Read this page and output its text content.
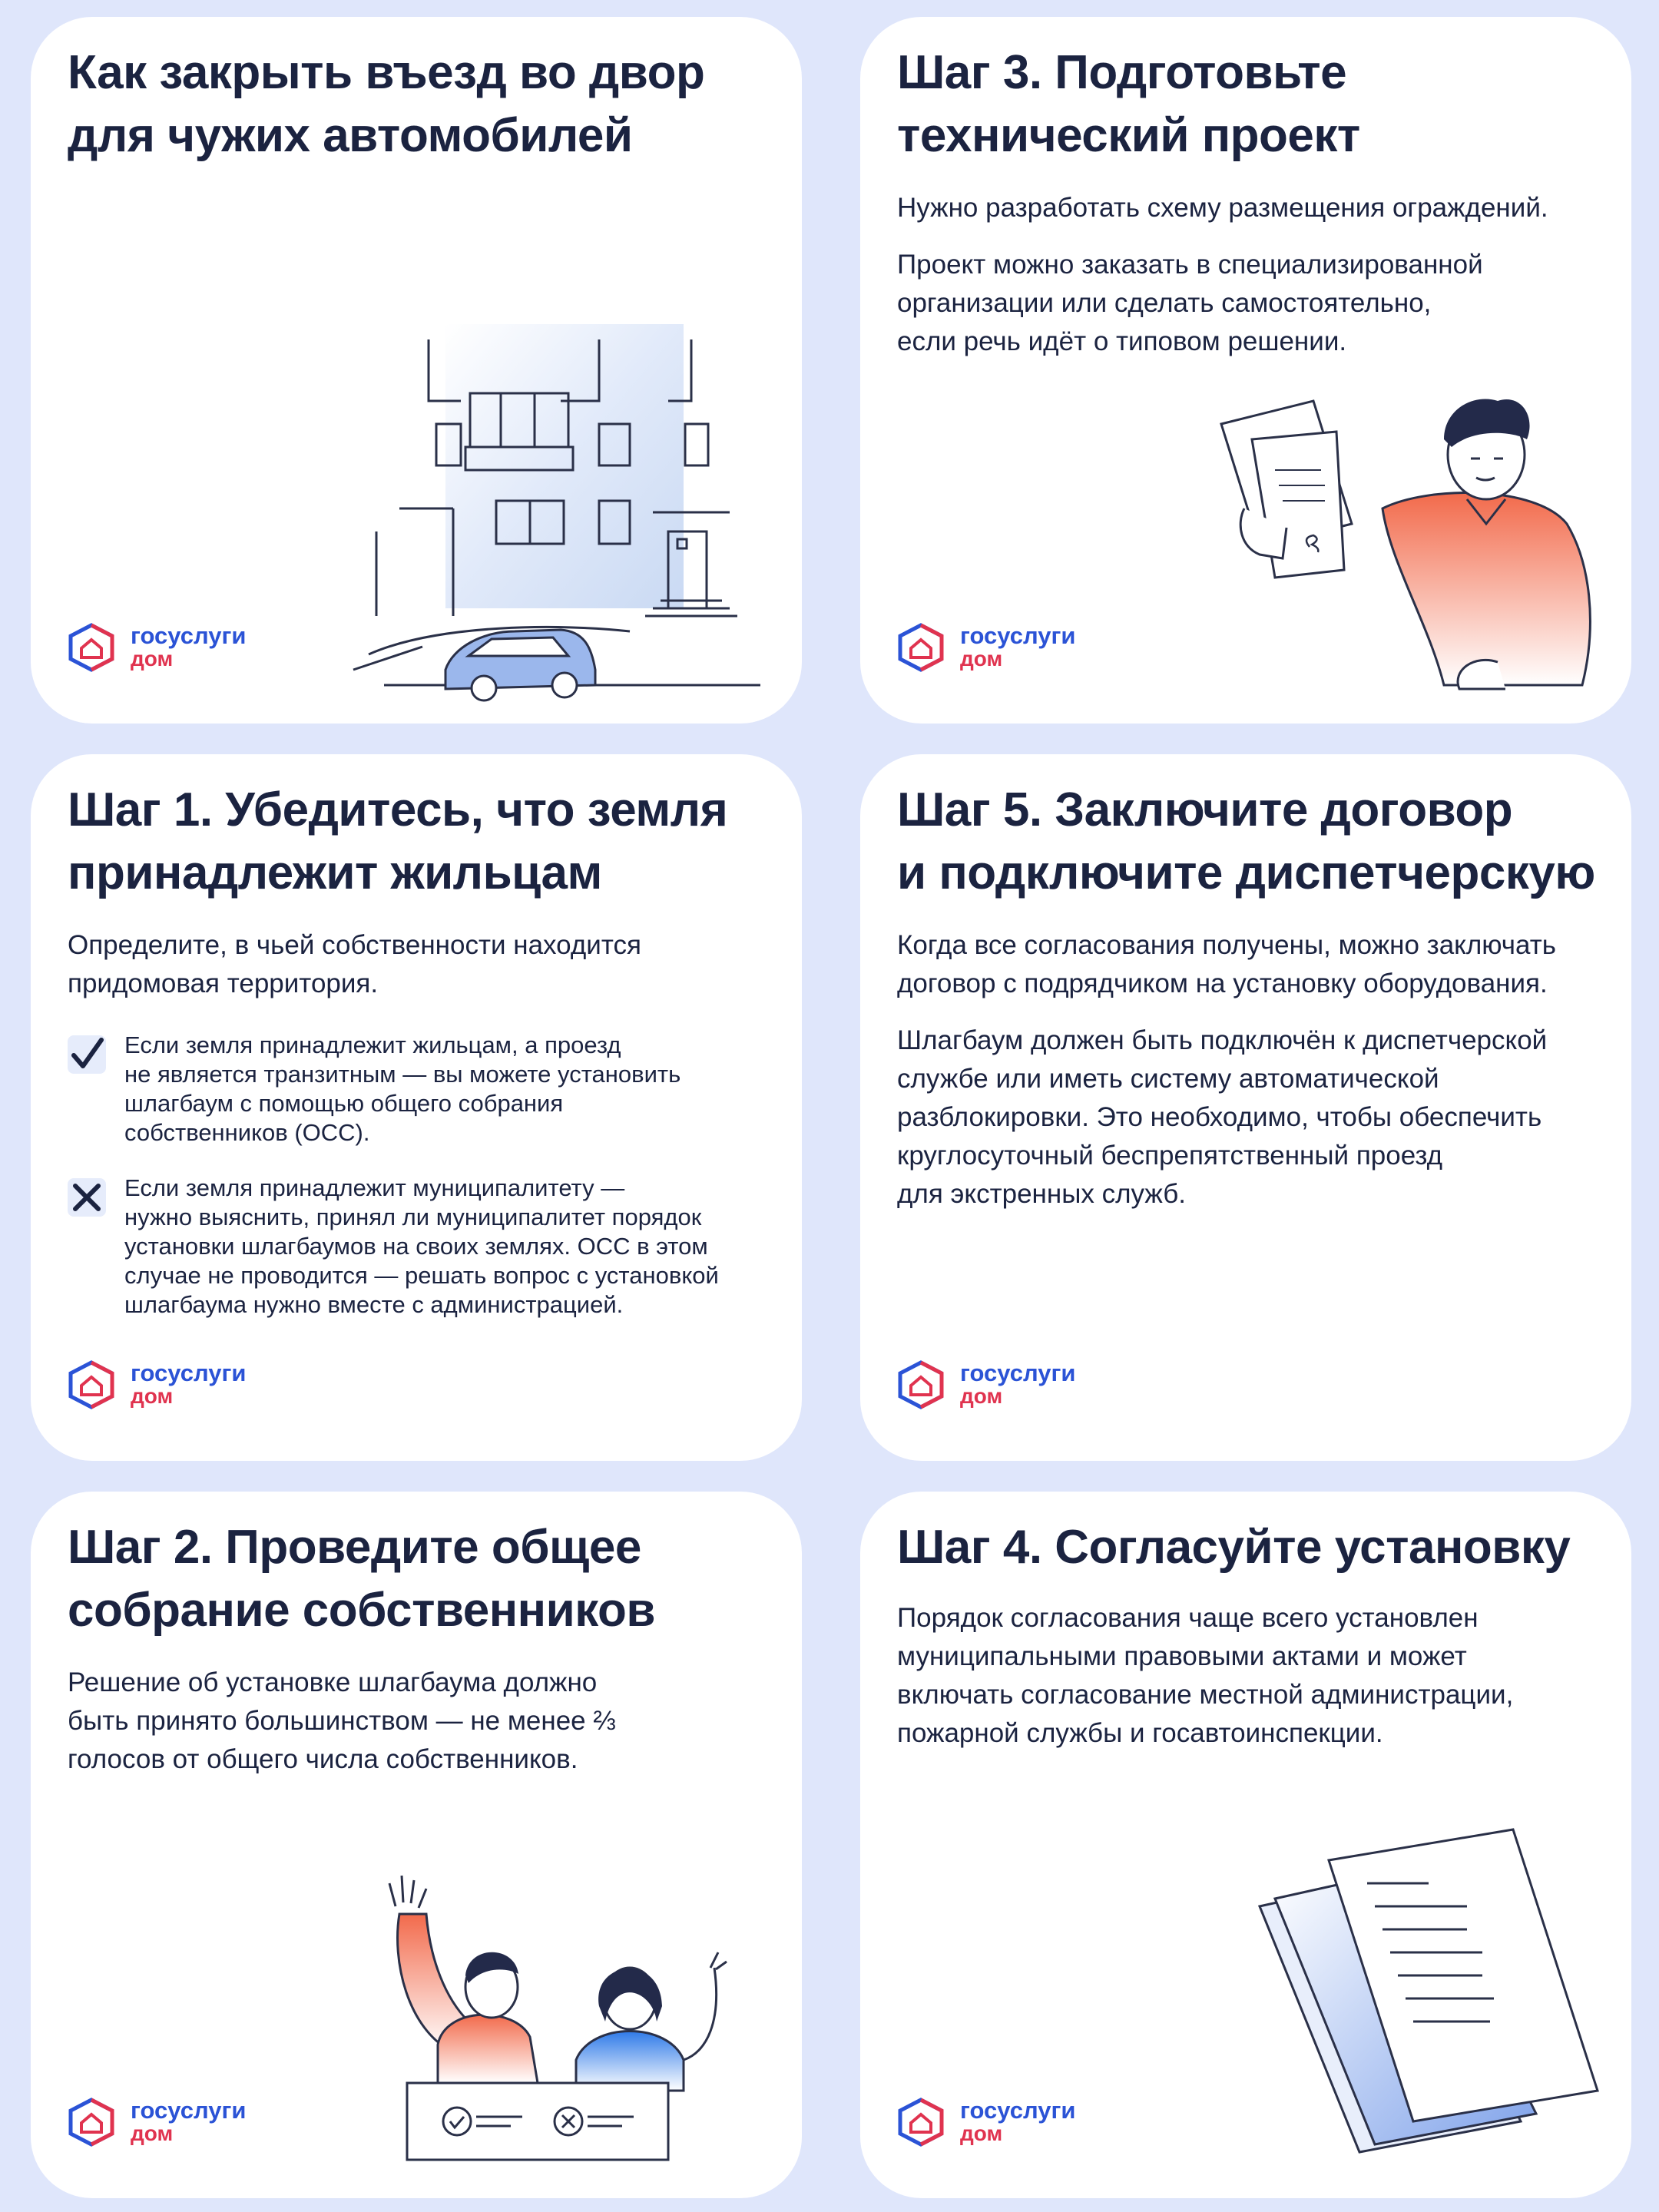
Как закрыть въезд во двор
для чужих автомобилей
госуслуги
дом
Шаг 3. Подготовьте
технический проект

Нужно разработать схему размещения ограждений.

Проект можно заказать в специализированной
организации или сделать самостоятельно,
если речь идёт о типовом решении.

госуслуги
дом
Шаг 1. Убедитесь, что земля
принадлежит жильцам

Определите, в чьей собственности находится
придомовая территория.

Если земля принадлежит жильцам, а проезд
не является транзитным — вы можете установить
шлагбаум с помощью общего собрания
собственников (ОСС).
Если земля принадлежит муниципалитету —
нужно выяснить, принял ли муниципалитет порядок
установки шлагбаумов на своих землях. ОСС в этом
случае не проводится — решать вопрос с установкой
шлагбаума нужно вместе с администрацией.
госуслуги
дом
Шаг 5. Заключите договор
и подключите диспетчерскую

Когда все согласования получены, можно заключать
договор с подрядчиком на установку оборудования.

Шлагбаум должен быть подключён к диспетчерской
службе или иметь систему автоматической
разблокировки. Это необходимо, чтобы обеспечить
круглосуточный беспрепятственный проезд
для экстренных служб.

госуслуги
дом
Шаг 2. Проведите общее
собрание собственников

Решение об установке шлагбаума должно
быть принято большинством — не менее ⅔
голосов от общего числа собственников.

госуслуги
дом
Шаг 4. Согласуйте установку

Порядок согласования чаще всего установлен
муниципальными правовыми актами и может
включать согласование местной администрации,
пожарной службы и госавтоинспекции.

госуслуги
дом
